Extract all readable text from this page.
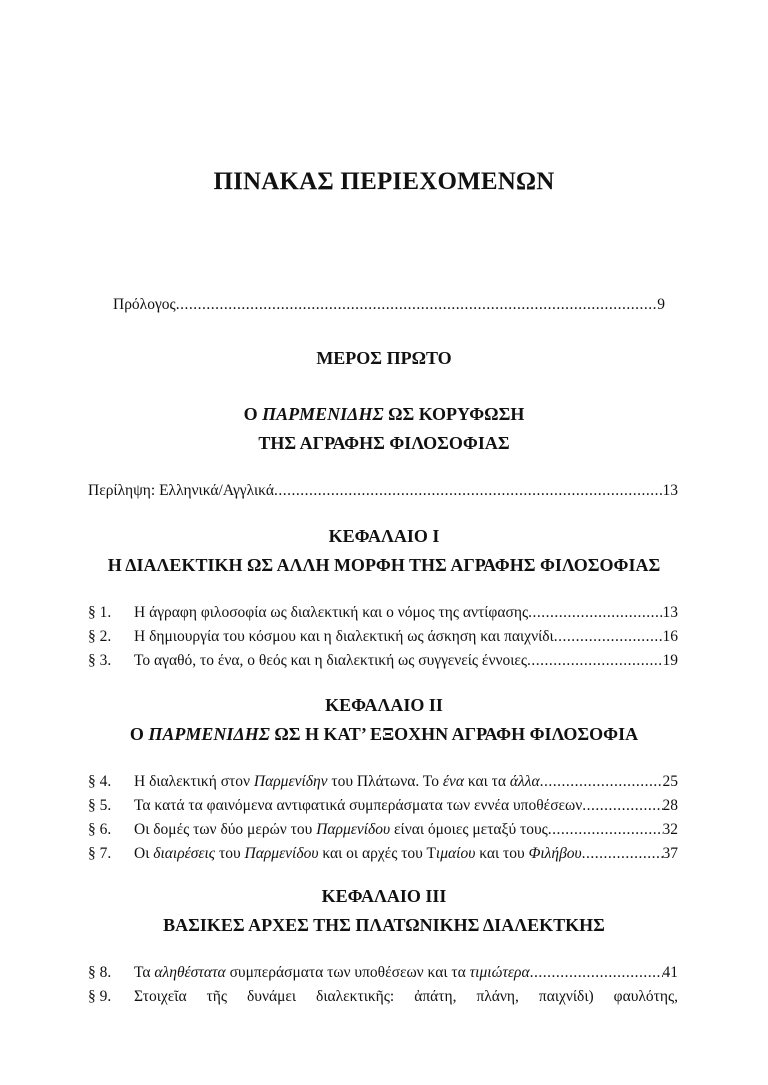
ΠΙΝΑΚΑΣ ΠΕΡΙΕΧΟΜΕΝΩΝ
Πρόλογος .....	9
ΜΕΡΟΣ ΠΡΩΤΟ
Ο ΠΑΡΜΕΝΙΔΗΣ ΩΣ ΚΟΡΥΦΩΣΗ
ΤΗΣ ΑΓΡΑΦΗΣ ΦΙΛΟΣΟΦΙΑΣ
Περίληψη: Ελληνικά/Αγγλικά .....	13
ΚΕΦΑΛΑΙΟ Ι
Η ΔΙΑΛΕΚΤΙΚΗ ΩΣ ΑΛΛΗ ΜΟΡΦΗ ΤΗΣ ΑΓΡΑΦΗΣ ΦΙΛΟΣΟΦΙΑΣ
§ 1. Η άγραφη φιλοσοφία ως διαλεκτική και ο νόμος της αντίφασης .....	13
§ 2. Η δημιουργία του κόσμου και η διαλεκτική ως άσκηση και παιχνίδι .....	16
§ 3. Το αγαθό, το ένα, ο θεός και η διαλεκτική ως συγγενείς έννοιες .....	19
ΚΕΦΑΛΑΙΟ ΙΙ
Ο ΠΑΡΜΕΝΙΔΗΣ ΩΣ Η ΚΑΤ’ ΕΞΟΧΗΝ ΑΓΡΑΦΗ ΦΙΛΟΣΟΦΙΑ
§ 4. Η διαλεκτική στον Παρμενίδην του Πλάτωνα. Το ένα και τα άλλα .....	25
§ 5. Τα κατά τα φαινόμενα αντιφατικά συμπεράσματα των εννέα υποθέσεων .....	28
§ 6. Οι δομές των δύο μερών του Παρμενίδου είναι όμοιες μεταξύ τους .....	32
§ 7. Οι διαιρέσεις του Παρμενίδου και οι αρχές του Τιμαίου και του Φιλήβου .....	37
ΚΕΦΑΛΑΙΟ ΙΙΙ
ΒΑΣΙΚΕΣ ΑΡΧΕΣ ΤΗΣ ΠΛΑΤΩΝΙΚΗΣ ΔΙΑΛΕΚΤΚΗΣ
§ 8. Τα αληθέστατα συμπεράσματα των υποθέσεων και τα τιμιώτερα .....	41
§ 9. Στοιχεῖα τῆς δυνάμει διαλεκτικῆς: ἀπάτη, πλάνη, παιχνίδι) φαυλότης,
